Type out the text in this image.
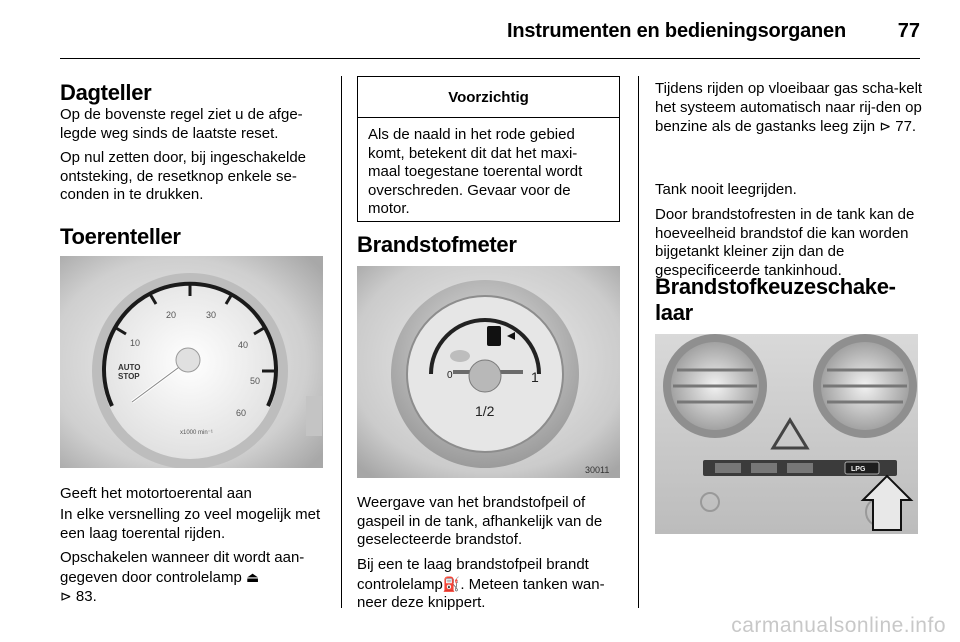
Instrumenten en bedieningsorganen	77
Dagteller

Op de bovenste regel ziet u de afge-legde weg sinds de laatste reset.

Op nul zetten door, bij ingeschakelde ontsteking, de resetknop enkele se-conden in te drukken.

Toerenteller
10
20	30
40
50
60
AUTO
STOP
x1000 min⁻¹

Geeft het motortoerental aan

In elke versnelling zo veel mogelijk met een laag toerental rijden.

Opschakelen wanneer dit wordt aan-gegeven door controlelamp ⏏
⊳ 83.

Voorzichtig
Als de naald in het rode gebied komt, betekent dit dat het maxi-maal toegestane toerental wordt overschreden. Gevaar voor de motor.
Brandstofmeter
0	1
1/2
30011

Weergave van het brandstofpeil of gaspeil in de tank, afhankelijk van de geselecteerde brandstof.

Bij een te laag brandstofpeil brandt controlelamp⛽. Meteen tanken wan-neer deze knippert.

Tijdens rijden op vloeibaar gas scha-kelt het systeem automatisch naar rij-den op benzine als de gastanks leeg zijn ⊳ 77.

Tank nooit leegrijden.

Door brandstofresten in de tank kan de hoeveelheid brandstof die kan worden bijgetankt kleiner zijn dan de gespecificeerde tankinhoud.

Brandstofkeuzeschake-laar
LPG
carmanualsonline.info
